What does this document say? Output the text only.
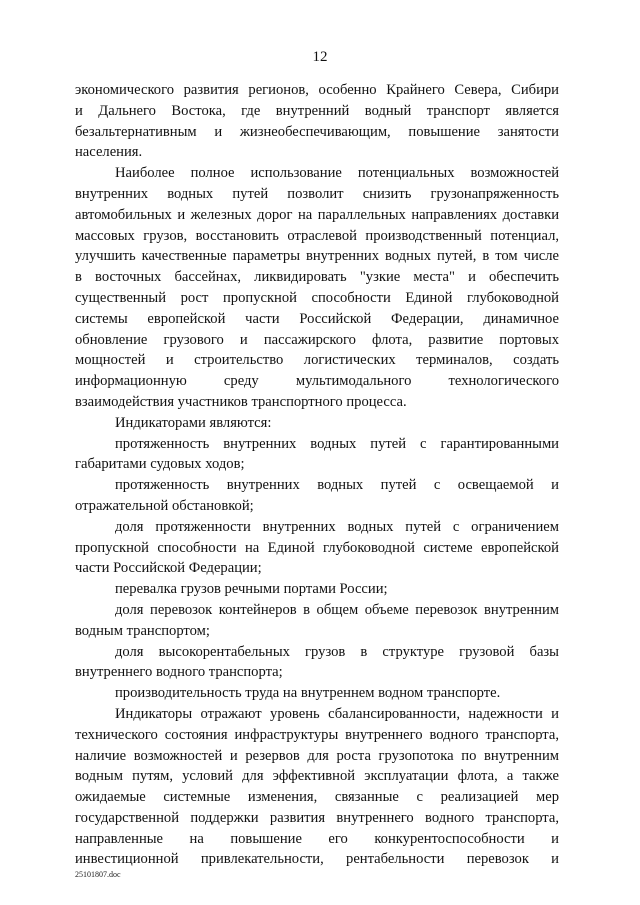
12
экономического развития регионов, особенно Крайнего Севера, Сибири
и Дальнего Востока, где внутренний водный транспорт является
безальтернативным и жизнеобеспечивающим, повышение занятости
населения.
Наиболее полное использование потенциальных возможностей
внутренних водных путей позволит снизить грузонапряженность
автомобильных и железных дорог на параллельных направлениях доставки
массовых грузов, восстановить отраслевой производственный потенциал,
улучшить качественные параметры внутренних водных путей, в том числе
в восточных бассейнах, ликвидировать "узкие места" и обеспечить
существенный рост пропускной способности Единой глубоководной
системы европейской части Российской Федерации, динамичное
обновление грузового и пассажирского флота, развитие портовых
мощностей и строительство логистических терминалов, создать
информационную среду мультимодального технологического
взаимодействия участников транспортного процесса.
Индикаторами являются:
протяженность внутренних водных путей с гарантированными
габаритами судовых ходов;
протяженность внутренних водных путей с освещаемой и
отражательной обстановкой;
доля протяженности внутренних водных путей с ограничением
пропускной способности на Единой глубоководной системе европейской
части Российской Федерации;
перевалка грузов речными портами России;
доля перевозок контейнеров в общем объеме перевозок внутренним
водным транспортом;
доля высокорентабельных грузов в структуре грузовой базы
внутреннего водного транспорта;
производительность труда на внутреннем водном транспорте.
Индикаторы отражают уровень сбалансированности, надежности и
технического состояния инфраструктуры внутреннего водного транспорта,
наличие возможностей и резервов для роста грузопотока по внутренним
водным путям, условий для эффективной эксплуатации флота, а также
ожидаемые системные изменения, связанные с реализацией мер
государственной поддержки развития внутреннего водного транспорта,
направленные на повышение его конкурентоспособности и
инвестиционной привлекательности, рентабельности перевозок и
25101807.doc
